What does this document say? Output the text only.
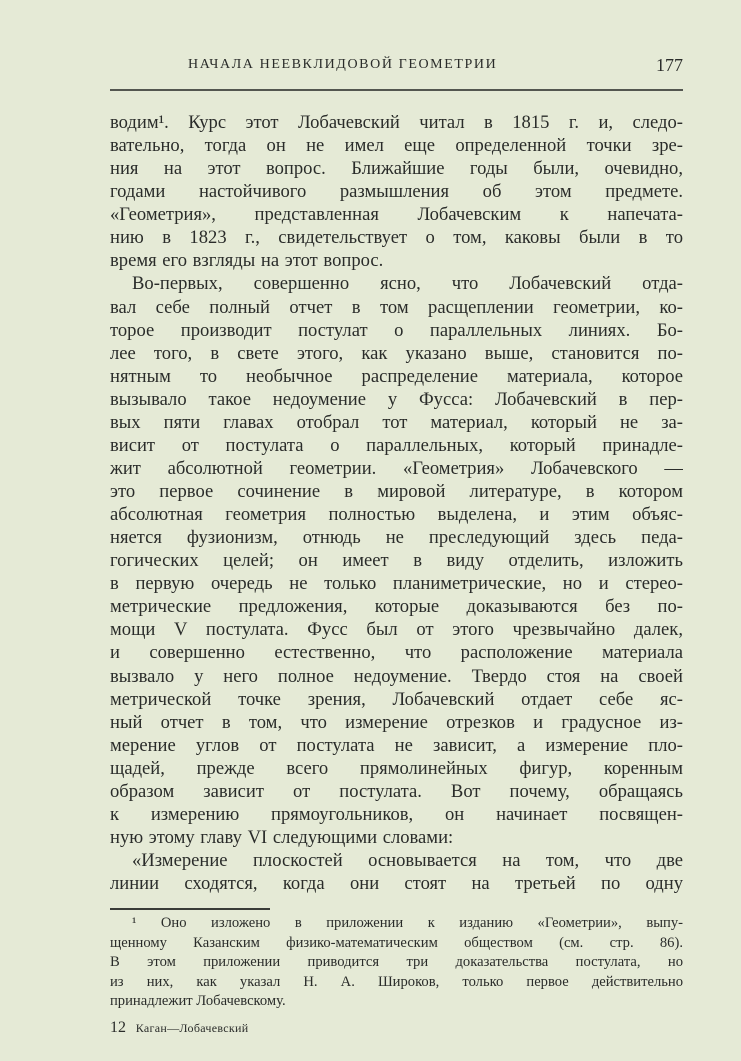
НАЧАЛА НЕЕВКЛИДОВОЙ ГЕОМЕТРИИ	177
водим¹. Курс этот Лобачевский читал в 1815 г. и, следо-
вательно, тогда он не имел еще определенной точки зре-
ния на этот вопрос. Ближайшие годы были, очевидно,
годами настойчивого размышления об этом предмете.
«Геометрия», представленная Лобачевским к напечата-
нию в 1823 г., свидетельствует о том, каковы были в то
время его взгляды на этот вопрос.
Во-первых, совершенно ясно, что Лобачевский отда-
вал себе полный отчет в том расщеплении геометрии, ко-
торое производит постулат о параллельных линиях. Бо-
лее того, в свете этого, как указано выше, становится по-
нятным то необычное распределение материала, которое
вызывало такое недоумение у Фусса: Лобачевский в пер-
вых пяти главах отобрал тот материал, который не за-
висит от постулата о параллельных, который принадле-
жит абсолютной геометрии. «Геометрия» Лобачевского —
это первое сочинение в мировой литературе, в котором
абсолютная геометрия полностью выделена, и этим объяс-
няется фузионизм, отнюдь не преследующий здесь педа-
гогических целей; он имеет в виду отделить, изложить
в первую очередь не только планиметрические, но и стерео-
метрические предложения, которые доказываются без по-
мощи V постулата. Фусс был от этого чрезвычайно далек,
и совершенно естественно, что расположение материала
вызвало у него полное недоумение. Твердо стоя на своей
метрической точке зрения, Лобачевский отдает себе яс-
ный отчет в том, что измерение отрезков и градусное из-
мерение углов от постулата не зависит, а измерение пло-
щадей, прежде всего прямолинейных фигур, коренным
образом зависит от постулата. Вот почему, обращаясь
к измерению прямоугольников, он начинает посвящен-
ную этому главу VI следующими словами:
«Измерение плоскостей основывается на том, что две
линии сходятся, когда они стоят на третьей по одну
¹ Оно изложено в приложении к изданию «Геометрии», выпу-
щенному Казанским физико-математическим обществом (см. стр. 86).
В этом приложении приводится три доказательства постулата, но
из них, как указал Н. А. Широков, только первое действительно
принадлежит Лобачевскому.
12 Каган—Лобачевский
